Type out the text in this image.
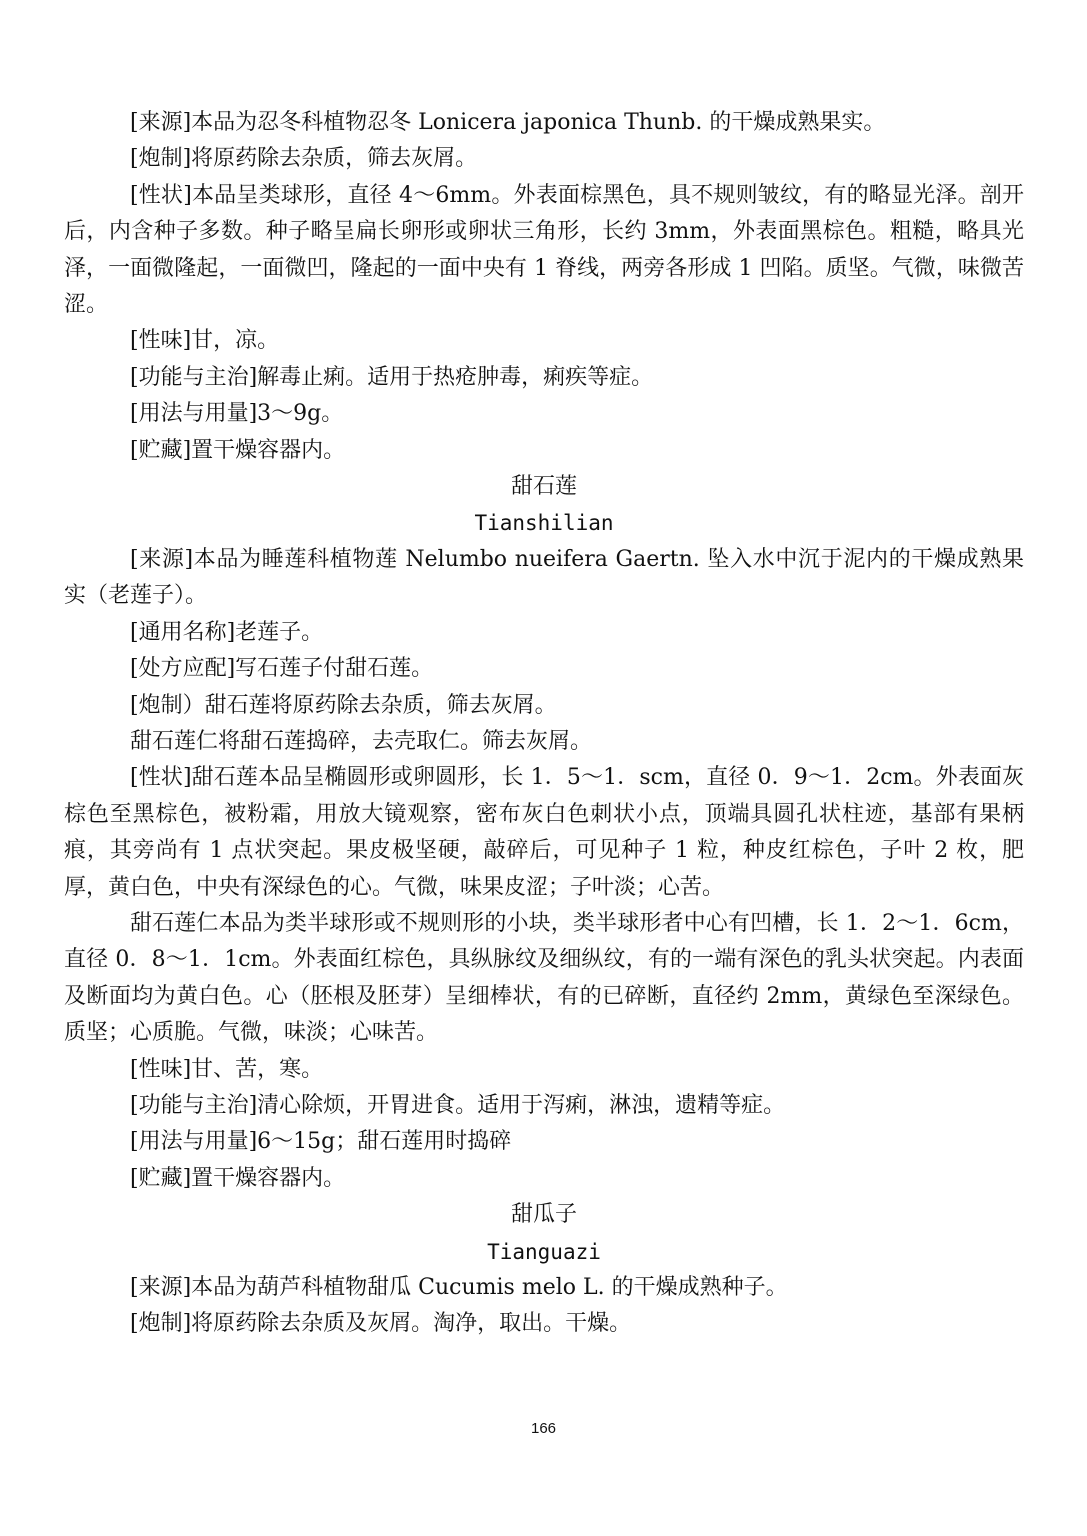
[来源]本品为忍冬科植物忍冬 Lonicera japonica Thunb. 的干燥成熟果实。

[炮制]将原药除去杂质，筛去灰屑。

[性状]本品呈类球形，直径 4～6mm。外表面棕黑色，具不规则皱纹，有的略显光泽。剖开后，内含种子多数。种子略呈扁长卵形或卵状三角形，长约 3mm，外表面黑棕色。粗糙，略具光泽，一面微隆起，一面微凹，隆起的一面中央有 1 脊线，两旁各形成 1 凹陷。质坚。气微，味微苦涩。

[性味]甘，凉。

[功能与主治]解毒止痢。适用于热疮肿毒，痢疾等症。

[用法与用量]3～9g。

[贮藏]置干燥容器内。

甜石莲

Tianshilian

[来源]本品为睡莲科植物莲 Nelumbo nueifera Gaertn. 坠入水中沉于泥内的干燥成熟果实（老莲子）。

[通用名称]老莲子。

[处方应配]写石莲子付甜石莲。

[炮制）甜石莲将原药除去杂质，筛去灰屑。

甜石莲仁将甜石莲捣碎，去壳取仁。筛去灰屑。

[性状]甜石莲本品呈椭圆形或卵圆形，长 1．5～1．scm，直径 0．9～1．2cm。外表面灰棕色至黑棕色，被粉霜，用放大镜观察，密布灰白色刺状小点，顶端具圆孔状柱迹，基部有果柄痕，其旁尚有 1 点状突起。果皮极坚硬，敲碎后，可见种子 1 粒，种皮红棕色，子叶 2 枚，肥厚，黄白色，中央有深绿色的心。气微，味果皮涩；子叶淡；心苦。

甜石莲仁本品为类半球形或不规则形的小块，类半球形者中心有凹槽，长 1．2～1．6cm，直径 0．8～1．1cm。外表面红棕色，具纵脉纹及细纵纹，有的一端有深色的乳头状突起。内表面及断面均为黄白色。心（胚根及胚芽）呈细棒状，有的已碎断，直径约 2mm，黄绿色至深绿色。质坚；心质脆。气微，味淡；心味苦。

[性味]甘、苦，寒。

[功能与主治]清心除烦，开胃进食。适用于泻痢，淋浊，遗精等症。

[用法与用量]6～15g；甜石莲用时捣碎

[贮藏]置干燥容器内。

甜瓜子

Tianguazi

[来源]本品为葫芦科植物甜瓜 Cucumis melo L. 的干燥成熟种子。

[炮制]将原药除去杂质及灰屑。淘净，取出。干燥。

166
